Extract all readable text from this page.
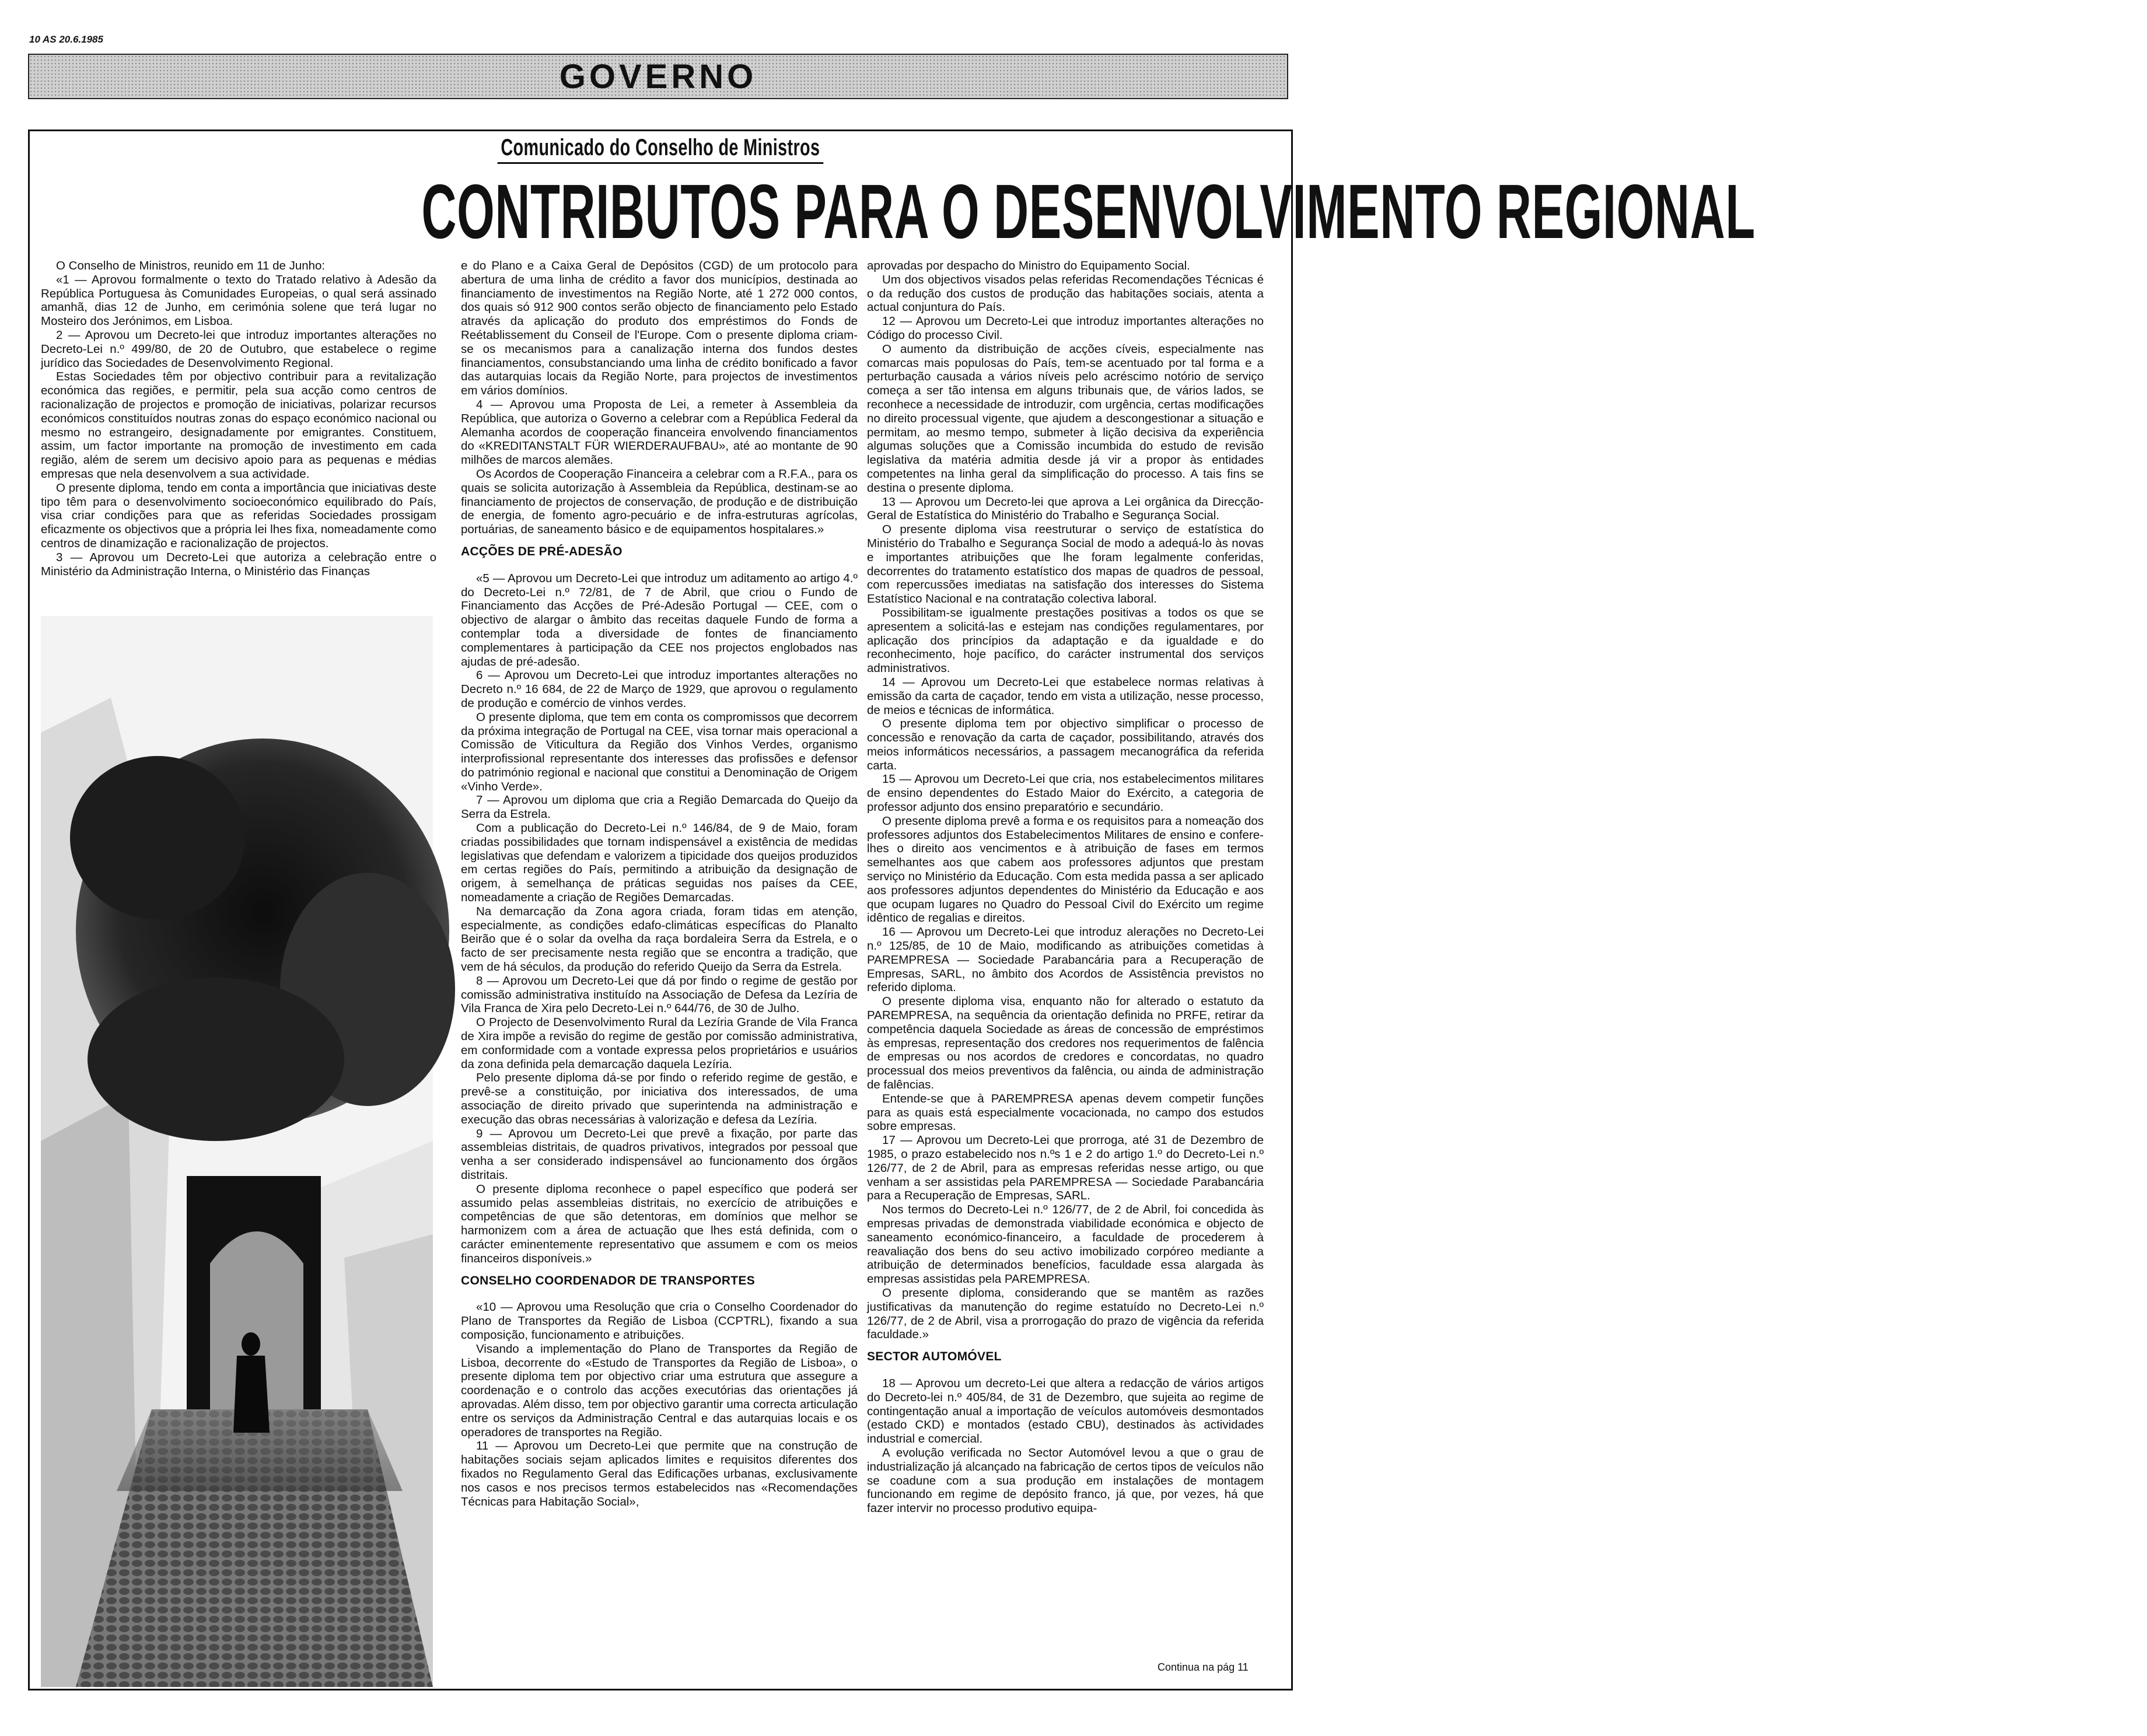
10 AS 20.6.1985
GOVERNO
Comunicado do Conselho de Ministros
CONTRIBUTOS PARA O DESENVOLVIMENTO REGIONAL

O Conselho de Ministros, reunido em 11 de Junho:

«1 — Aprovou formalmente o texto do Tratado relativo à Adesão da República Portuguesa às Comunidades Europeias, o qual será assinado amanhã, dias 12 de Junho, em cerimónia solene que terá lugar no Mosteiro dos Jerónimos, em Lisboa.

2 — Aprovou um Decreto-lei que introduz importantes alterações no Decreto-Lei n.º 499/80, de 20 de Outubro, que estabelece o regime jurídico das Sociedades de Desenvolvimento Regional.

Estas Sociedades têm por objectivo contribuir para a revitalização económica das regiões, e permitir, pela sua acção como centros de racionalização de projectos e promoção de iniciativas, polarizar recursos económicos constituídos noutras zonas do espaço económico nacional ou mesmo no estrangeiro, designadamente por emigrantes. Constituem, assim, um factor importante na promoção de investimento em cada região, além de serem um decisivo apoio para as pequenas e médias empresas que nela desenvolvem a sua actividade.

O presente diploma, tendo em conta a importância que iniciativas deste tipo têm para o desenvolvimento socioeconómico equilibrado do País, visa criar condições para que as referidas Sociedades prossigam eficazmente os objectivos que a própria lei lhes fixa, nomeadamente como centros de dinamização e racionalização de projectos.

3 — Aprovou um Decreto-Lei que autoriza a celebração entre o Ministério da Administração Interna, o Ministério das Finanças

e do Plano e a Caixa Geral de Depósitos (CGD) de um protocolo para abertura de uma linha de crédito a favor dos municípios, destinada ao financiamento de investimentos na Região Norte, até 1 272 000 contos, dos quais só 912 900 contos serão objecto de financiamento pelo Estado através da aplicação do produto dos empréstimos do Fonds de Reétablissement du Conseil de l'Europe. Com o presente diploma criam-se os mecanismos para a canalização interna dos fundos destes financiamentos, consubstanciando uma linha de crédito bonificado a favor das autarquias locais da Região Norte, para projectos de investimentos em vários domínios.

4 — Aprovou uma Proposta de Lei, a remeter à Assembleia da República, que autoriza o Governo a celebrar com a República Federal da Alemanha acordos de cooperação financeira envolvendo financiamentos do «KREDITANSTALT FÜR WIERDERAUFBAU», até ao montante de 90 milhões de marcos alemães.

Os Acordos de Cooperação Financeira a celebrar com a R.F.A., para os quais se solicita autorização à Assembleia da República, destinam-se ao financiamento de projectos de conservação, de produção e de distribuição de energia, de fomento agro-pecuário e de infra-estruturas agrícolas, portuárias, de saneamento básico e de equipamentos hospitalares.»

ACÇÕES DE PRÉ-ADESÃO

«5 — Aprovou um Decreto-Lei que introduz um aditamento ao artigo 4.º do Decreto-Lei n.º 72/81, de 7 de Abril, que criou o Fundo de Financiamento das Acções de Pré-Adesão Portugal — CEE, com o objectivo de alargar o âmbito das receitas daquele Fundo de forma a contemplar toda a diversidade de fontes de financiamento complementares à participação da CEE nos projectos englobados nas ajudas de pré-adesão.

6 — Aprovou um Decreto-Lei que introduz importantes alterações no Decreto n.º 16 684, de 22 de Março de 1929, que aprovou o regulamento de produção e comércio de vinhos verdes.

O presente diploma, que tem em conta os compromissos que decorrem da próxima integração de Portugal na CEE, visa tornar mais operacional a Comissão de Viticultura da Região dos Vinhos Verdes, organismo interprofissional representante dos interesses das profissões e defensor do património regional e nacional que constitui a Denominação de Origem «Vinho Verde».

7 — Aprovou um diploma que cria a Região Demarcada do Queijo da Serra da Estrela.

Com a publicação do Decreto-Lei n.º 146/84, de 9 de Maio, foram criadas possibilidades que tornam indispensável a existência de medidas legislativas que defendam e valorizem a tipicidade dos queijos produzidos em certas regiões do País, permitindo a atribuição da designação de origem, à semelhança de práticas seguidas nos países da CEE, nomeadamente a criação de Regiões Demarcadas.

Na demarcação da Zona agora criada, foram tidas em atenção, especialmente, as condições edafo-climáticas específicas do Planalto Beirão que é o solar da ovelha da raça bordaleira Serra da Estrela, e o facto de ser precisamente nesta região que se encontra a tradição, que vem de há séculos, da produção do referido Queijo da Serra da Estrela.

8 — Aprovou um Decreto-Lei que dá por findo o regime de gestão por comissão administrativa instituído na Associação de Defesa da Lezíria de Vila Franca de Xira pelo Decreto-Lei n.º 644/76, de 30 de Julho.

O Projecto de Desenvolvimento Rural da Lezíria Grande de Vila Franca de Xira impõe a revisão do regime de gestão por comissão administrativa, em conformidade com a vontade expressa pelos proprietários e usuários da zona definida pela demarcação daquela Lezíria.

Pelo presente diploma dá-se por findo o referido regime de gestão, e prevê-se a constituição, por iniciativa dos interessados, de uma associação de direito privado que superintenda na administração e execução das obras necessárias à valorização e defesa da Lezíria.

9 — Aprovou um Decreto-Lei que prevê a fixação, por parte das assembleias distritais, de quadros privativos, integrados por pessoal que venha a ser considerado indispensável ao funcionamento dos órgãos distritais.

O presente diploma reconhece o papel específico que poderá ser assumido pelas assembleias distritais, no exercício de atribuições e competências de que são detentoras, em domínios que melhor se harmonizem com a área de actuação que lhes está definida, com o carácter eminentemente representativo que assumem e com os meios financeiros disponíveis.»

CONSELHO COORDENADOR DE TRANSPORTES

«10 — Aprovou uma Resolução que cria o Conselho Coordenador do Plano de Transportes da Região de Lisboa (CCPTRL), fixando a sua composição, funcionamento e atribuições.

Visando a implementação do Plano de Transportes da Região de Lisboa, decorrente do «Estudo de Transportes da Região de Lisboa», o presente diploma tem por objectivo criar uma estrutura que assegure a coordenação e o controlo das acções executórias das orientações já aprovadas. Além disso, tem por objectivo garantir uma correcta articulação entre os serviços da Administração Central e das autarquias locais e os operadores de transportes na Região.

11 — Aprovou um Decreto-Lei que permite que na construção de habitações sociais sejam aplicados limites e requisitos diferentes dos fixados no Regulamento Geral das Edificações urbanas, exclusivamente nos casos e nos precisos termos estabelecidos nas «Recomendações Técnicas para Habitação Social»,

aprovadas por despacho do Ministro do Equipamento Social.

Um dos objectivos visados pelas referidas Recomendações Técnicas é o da redução dos custos de produção das habitações sociais, atenta a actual conjuntura do País.

12 — Aprovou um Decreto-Lei que introduz importantes alterações no Código do processo Civil.

O aumento da distribuição de acções cíveis, especialmente nas comarcas mais populosas do País, tem-se acentuado por tal forma e a perturbação causada a vários níveis pelo acréscimo notório de serviço começa a ser tão intensa em alguns tribunais que, de vários lados, se reconhece a necessidade de introduzir, com urgência, certas modificações no direito processual vigente, que ajudem a descongestionar a situação e permitam, ao mesmo tempo, submeter à lição decisiva da experiência algumas soluções que a Comissão incumbida do estudo de revisão legislativa da matéria admitia desde já vir a propor às entidades competentes na linha geral da simplificação do processo. A tais fins se destina o presente diploma.

13 — Aprovou um Decreto-lei que aprova a Lei orgânica da Direcção-Geral de Estatística do Ministério do Trabalho e Segurança Social.

O presente diploma visa reestruturar o serviço de estatística do Ministério do Trabalho e Segurança Social de modo a adequá-lo às novas e importantes atribuições que lhe foram legalmente conferidas, decorrentes do tratamento estatístico dos mapas de quadros de pessoal, com repercussões imediatas na satisfação dos interesses do Sistema Estatístico Nacional e na contratação colectiva laboral.

Possibilitam-se igualmente prestações positivas a todos os que se apresentem a solicitá-las e estejam nas condições regulamentares, por aplicação dos princípios da adaptação e da igualdade e do reconhecimento, hoje pacífico, do carácter instrumental dos serviços administrativos.

14 — Aprovou um Decreto-Lei que estabelece normas relativas à emissão da carta de caçador, tendo em vista a utilização, nesse processo, de meios e técnicas de informática.

O presente diploma tem por objectivo simplificar o processo de concessão e renovação da carta de caçador, possibilitando, através dos meios informáticos necessários, a passagem mecanográfica da referida carta.

15 — Aprovou um Decreto-Lei que cria, nos estabelecimentos militares de ensino dependentes do Estado Maior do Exército, a categoria de professor adjunto dos ensino preparatório e secundário.

O presente diploma prevê a forma e os requisitos para a nomeação dos professores adjuntos dos Estabelecimentos Militares de ensino e confere-lhes o direito aos vencimentos e à atribuição de fases em termos semelhantes aos que cabem aos professores adjuntos que prestam serviço no Ministério da Educação. Com esta medida passa a ser aplicado aos professores adjuntos dependentes do Ministério da Educação e aos que ocupam lugares no Quadro do Pessoal Civil do Exército um regime idêntico de regalias e direitos.

16 — Aprovou um Decreto-Lei que introduz alerações no Decreto-Lei n.º 125/85, de 10 de Maio, modificando as atribuições cometidas à PAREMPRESA — Sociedade Parabancária para a Recuperação de Empresas, SARL, no âmbito dos Acordos de Assistência previstos no referido diploma.

O presente diploma visa, enquanto não for alterado o estatuto da PAREMPRESA, na sequência da orientação definida no PRFE, retirar da competência daquela Sociedade as áreas de concessão de empréstimos às empresas, representação dos credores nos requerimentos de falência de empresas ou nos acordos de credores e concordatas, no quadro processual dos meios preventivos da falência, ou ainda de administração de falências.

Entende-se que à PAREMPRESA apenas devem competir funções para as quais está especialmente vocacionada, no campo dos estudos sobre empresas.

17 — Aprovou um Decreto-Lei que prorroga, até 31 de Dezembro de 1985, o prazo estabelecido nos n.ºs 1 e 2 do artigo 1.º do Decreto-Lei n.º 126/77, de 2 de Abril, para as empresas referidas nesse artigo, ou que venham a ser assistidas pela PAREMPRESA — Sociedade Parabancária para a Recuperação de Empresas, SARL.

Nos termos do Decreto-Lei n.º 126/77, de 2 de Abril, foi concedida às empresas privadas de demonstrada viabilidade económica e objecto de saneamento económico-financeiro, a faculdade de procederem à reavaliação dos bens do seu activo imobilizado corpóreo mediante a atribuição de determinados benefícios, faculdade essa alargada às empresas assistidas pela PAREMPRESA.

O presente diploma, considerando que se mantêm as razões justificativas da manutenção do regime estatuído no Decreto-Lei n.º 126/77, de 2 de Abril, visa a prorrogação do prazo de vigência da referida faculdade.»

SECTOR AUTOMÓVEL

18 — Aprovou um decreto-Lei que altera a redacção de vários artigos do Decreto-lei n.º 405/84, de 31 de Dezembro, que sujeita ao regime de contingentação anual a importação de veículos automóveis desmontados (estado CKD) e montados (estado CBU), destinados às actividades industrial e comercial.

A evolução verificada no Sector Automóvel levou a que o grau de industrialização já alcançado na fabricação de certos tipos de veículos não se coadune com a sua produção em instalações de montagem funcionando em regime de depósito franco, já que, por vezes, há que fazer intervir no processo produtivo equipa-

Continua na pág 11
